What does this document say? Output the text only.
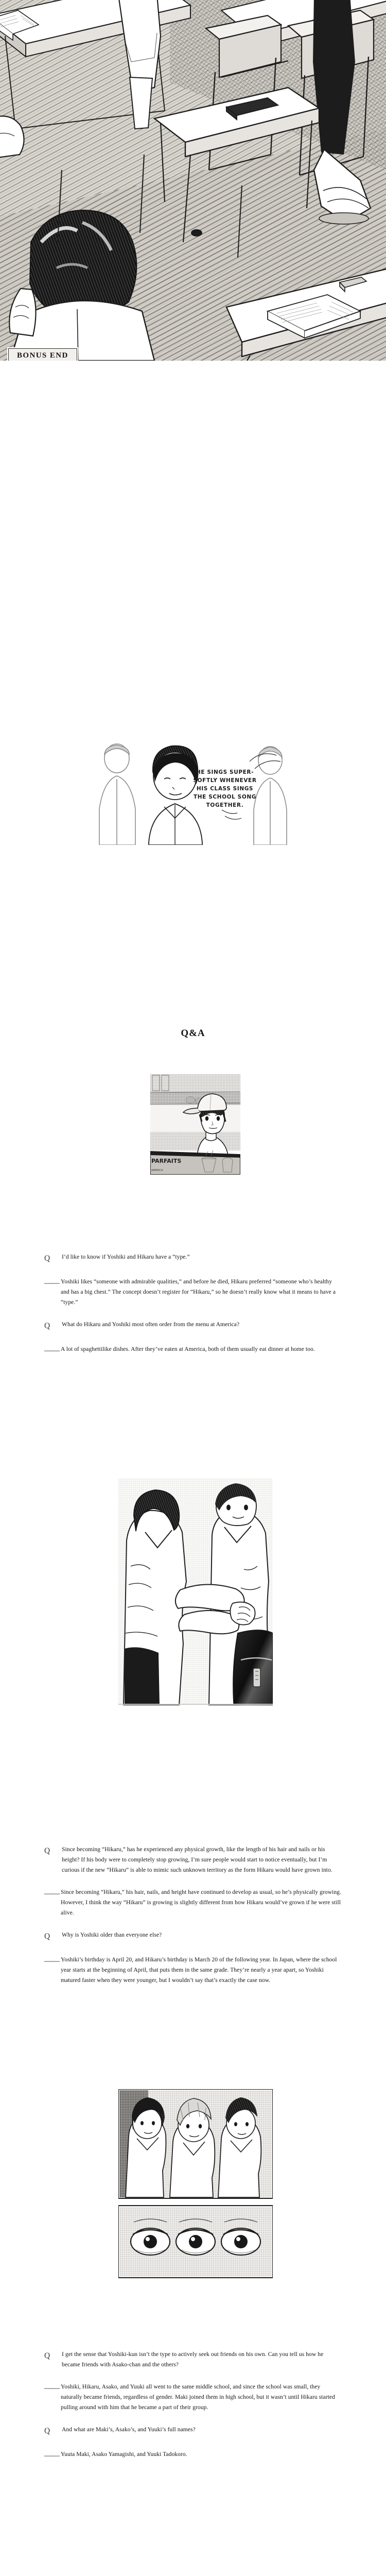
BONUS END
HE SINGS SUPER-
SOFTLY WHENEVER
HIS CLASS SINGS
THE SCHOOL SONG
TOGETHER.
Q&A
PARFAITS
AMERICA
Q	I’d like to know if Yoshiki and Hikaru have a “type.”
—— Yoshiki likes “someone with admirable qualities,” and before he died, Hikaru preferred “someone who’s healthy and has a big chest.” The concept doesn’t register for “Hikaru,” so he doesn’t really know what it means to have a “type.”
Q	What do Hikaru and Yoshiki most often order from the menu at America?
—— A lot of spaghettilike dishes. After they’ve eaten at America, both of them usually eat dinner at home too.
Q	Since becoming “Hikaru,” has he experienced any physical growth, like the length of his hair and nails or his height? If his body were to completely stop growing, I’m sure people would start to notice eventually, but I’m curious if the new “Hikaru” is able to mimic such unknown territory as the form Hikaru would have grown into.
—— Since becoming “Hikaru,” his hair, nails, and height have continued to develop as usual, so he’s physically growing. However, I think the way “Hikaru” is growing is slightly different from how Hikaru would’ve grown if he were still alive.
Q	Why is Yoshiki older than everyone else?
—— Yoshiki’s birthday is April 20, and Hikaru’s birthday is March 20 of the following year. In Japan, where the school year starts at the beginning of April, that puts them in the same grade. They’re nearly a year apart, so Yoshiki matured faster when they were younger, but I wouldn’t say that’s exactly the case now.
Q	I get the sense that Yoshiki-kun isn’t the type to actively seek out friends on his own. Can you tell us how he became friends with Asako-chan and the others?
—— Yoshiki, Hikaru, Asako, and Yuuki all went to the same middle school, and since the school was small, they naturally became friends, regardless of gender. Maki joined them in high school, but it wasn’t until Hikaru started pulling around with him that he became a part of their group.
Q	And what are Maki’s, Asako’s, and Yuuki’s full names?
—— Yuuta Maki, Asako Yamagishi, and Yuuki Tadokoro.
